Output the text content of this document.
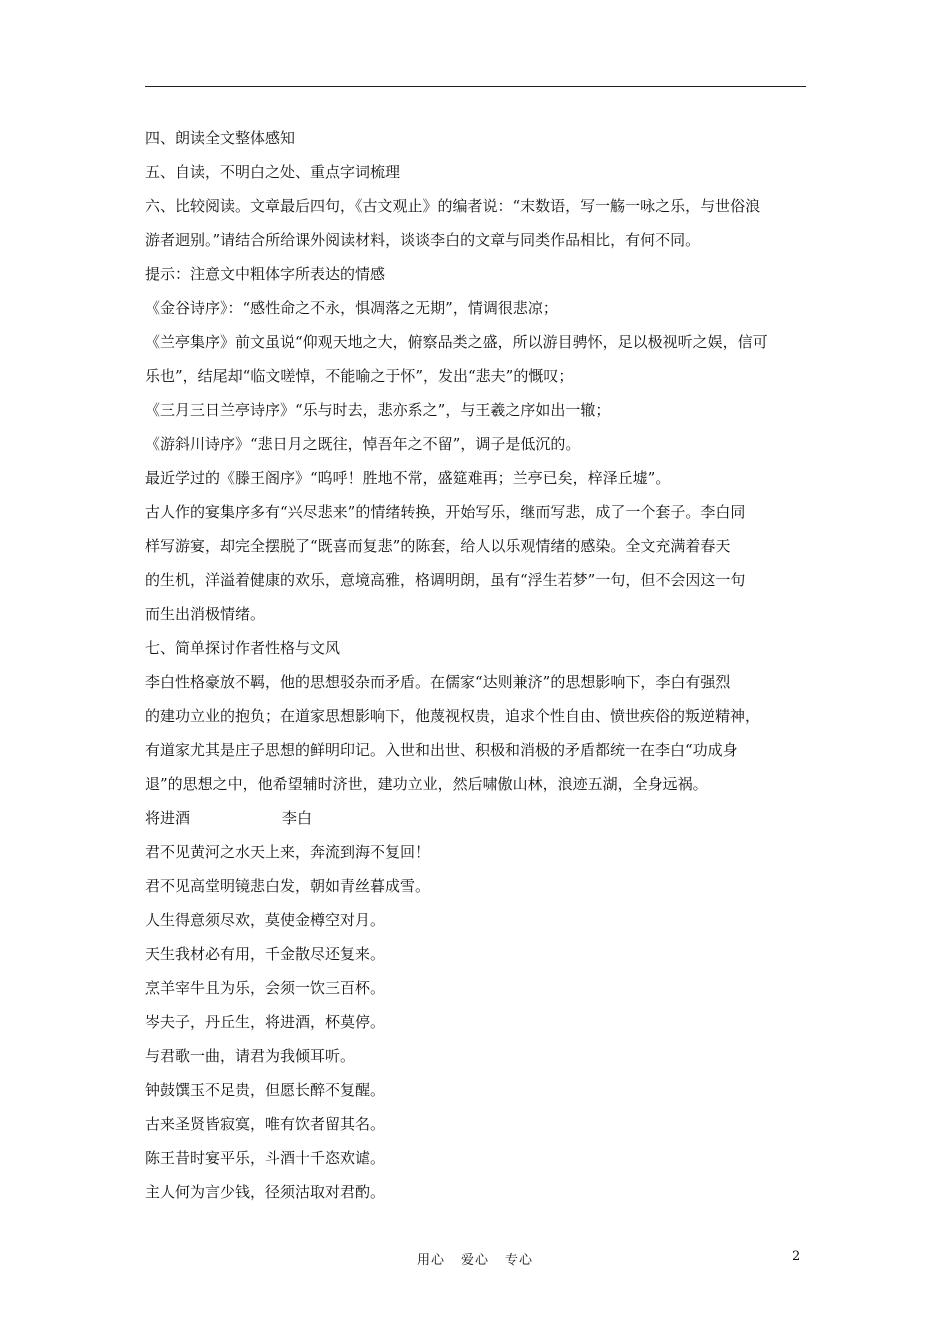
四、朗读全文整体感知
五、自读，不明白之处、重点字词梳理
六、比较阅读。文章最后四句，《古文观止》的编者说：“末数语，写一觞一咏之乐，与世俗浪
游者迥别。”请结合所给课外阅读材料，谈谈李白的文章与同类作品相比，有何不同。
提示：注意文中粗体字所表达的情感
《金谷诗序》：“感性命之不永，惧凋落之无期”，情调很悲凉；
《兰亭集序》前文虽说“仰观天地之大，俯察品类之盛，所以游目骋怀，足以极视听之娱，信可
乐也”，结尾却“临文嗟悼，不能喻之于怀”，发出“悲夫”的慨叹；
《三月三日兰亭诗序》“乐与时去，悲亦系之”，与王羲之序如出一辙；
《游斜川诗序》“悲日月之既往，悼吾年之不留”，调子是低沉的。
最近学过的《滕王阁序》“呜呼！胜地不常，盛筵难再；兰亭已矣，梓泽丘墟”。
古人作的宴集序多有“兴尽悲来”的情绪转换，开始写乐，继而写悲，成了一个套子。李白同
样写游宴，却完全摆脱了“既喜而复悲”的陈套，给人以乐观情绪的感染。全文充满着春天
的生机，洋溢着健康的欢乐，意境高雅，格调明朗，虽有“浮生若梦”一句，但不会因这一句
而生出消极情绪。
七、简单探讨作者性格与文风
李白性格豪放不羁，他的思想驳杂而矛盾。在儒家“达则兼济”的思想影响下，李白有强烈
的建功立业的抱负；在道家思想影响下，他蔑视权贵，追求个性自由、愤世疾俗的叛逆精神，
有道家尤其是庄子思想的鲜明印记。入世和出世、积极和消极的矛盾都统一在李白“功成身
退”的思想之中，他希望辅时济世，建功立业，然后啸傲山林，浪迹五湖，全身远祸。
将进酒	李白
君不见黄河之水天上来，奔流到海不复回！
君不见高堂明镜悲白发，朝如青丝暮成雪。
人生得意须尽欢，莫使金樽空对月。
天生我材必有用，千金散尽还复来。
烹羊宰牛且为乐，会须一饮三百杯。
岑夫子，丹丘生，将进酒，杯莫停。
与君歌一曲，请君为我倾耳听。
钟鼓馔玉不足贵，但愿长醉不复醒。
古来圣贤皆寂寞，唯有饮者留其名。
陈王昔时宴平乐，斗酒十千恣欢谑。
主人何为言少钱，径须沽取对君酌。
用心 爱心 专心	2
